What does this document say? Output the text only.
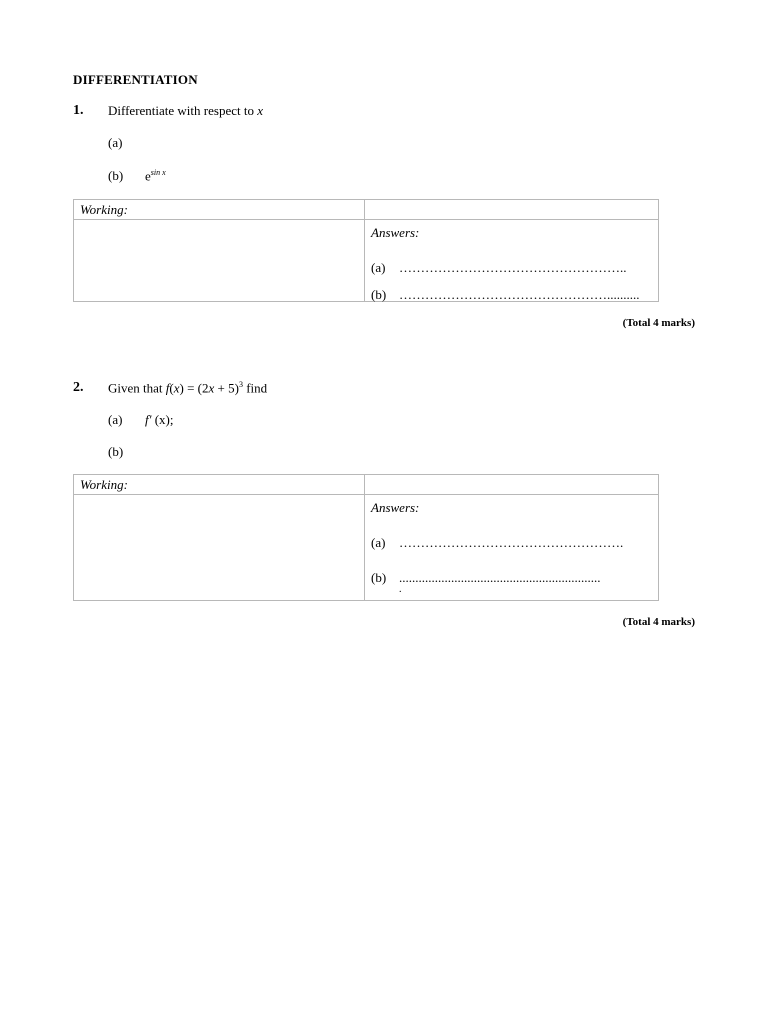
DIFFERENTIATION
1. Differentiate with respect to x
(a)
(b) $e^{sin x}$
Working:
Answers:
(a) ……………………………………………..
(b) …………………………………………..........
(Total 4 marks)
2. Given that $f(x) = (2x + 5)^3$ find
(a) f′ (x);
(b)
Working:
Answers:
(a) …………………………………………….
(b) ..............................................................
.
(Total 4 marks)
